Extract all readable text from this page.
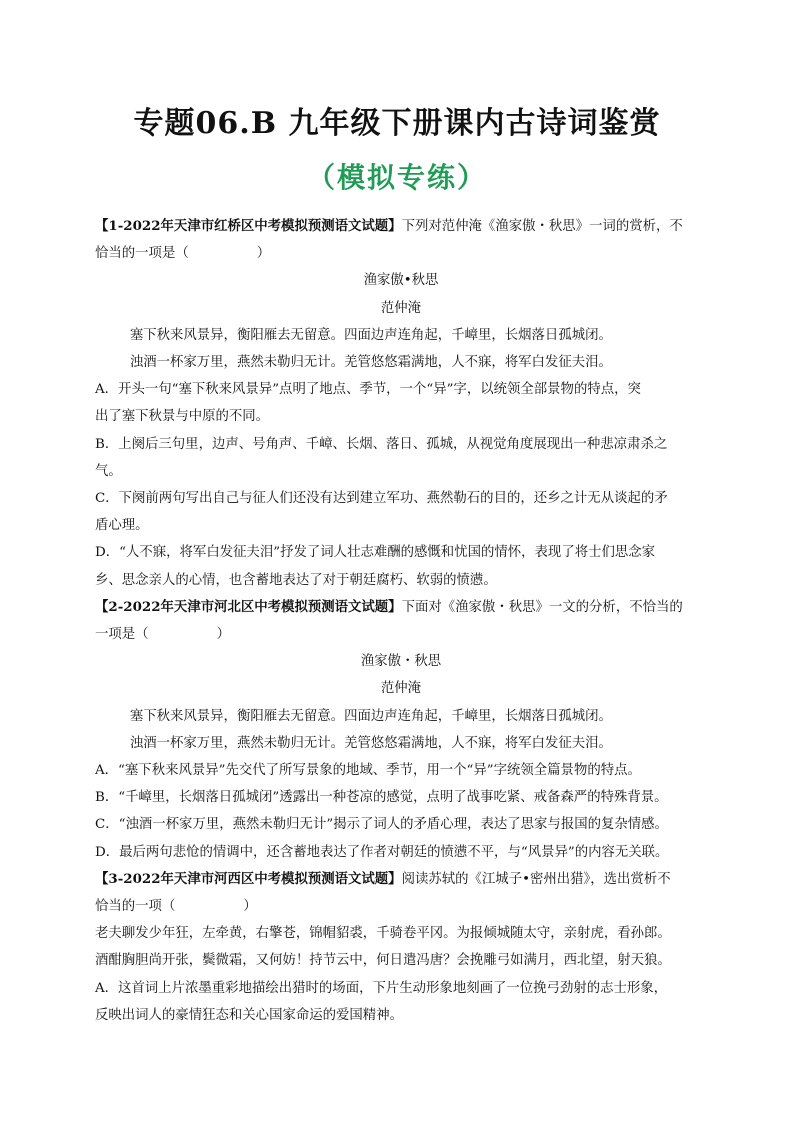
专题06.B 九年级下册课内古诗词鉴赏
（模拟专练）

【1-2022年天津市红桥区中考模拟预测语文试题】下列对范仲淹《渔家傲・秋思》一词的赏析，不

恰当的一项是（	）

渔家傲•秋思

范仲淹

塞下秋来风景异，衡阳雁去无留意。四面边声连角起，千嶂里，长烟落日孤城闭。

浊酒一杯家万里，燕然未勒归无计。羌管悠悠霜满地，人不寐，将军白发征夫泪。

A．开头一句“塞下秋来风景异”点明了地点、季节，一个“异”字，以统领全部景物的特点，突

出了塞下秋景与中原的不同。

B．上阕后三句里，边声、号角声、千嶂、长烟、落日、孤城，从视觉角度展现出一种悲凉肃杀之

气。

C．下阕前两句写出自己与征人们还没有达到建立军功、燕然勒石的目的，还乡之计无从谈起的矛

盾心理。

D．“人不寐，将军白发征夫泪”抒发了词人壮志难酬的感慨和忧国的情怀，表现了将士们思念家

乡、思念亲人的心情，也含蓄地表达了对于朝廷腐朽、软弱的愤懑。

【2-2022年天津市河北区中考模拟预测语文试题】下面对《渔家傲・秋思》一文的分析，不恰当的

一项是（	）

渔家傲・秋思

范仲淹

塞下秋来风景异，衡阳雁去无留意。四面边声连角起，千嶂里，长烟落日孤城闭。

浊酒一杯家万里，燕然未勒归无计。羌管悠悠霜满地，人不寐，将军白发征夫泪。

A．“塞下秋来风景异”先交代了所写景象的地域、季节，用一个“异”字统领全篇景物的特点。

B．“千嶂里，长烟落日孤城闭”透露出一种苍凉的感觉，点明了战事吃紧、戒备森严的特殊背景。

C．“浊酒一杯家万里，燕然未勒归无计”揭示了词人的矛盾心理，表达了思家与报国的复杂情感。

D．最后两句悲怆的情调中，还含蓄地表达了作者对朝廷的愤懑不平，与“风景异”的内容无关联。

【3-2022年天津市河西区中考模拟预测语文试题】阅读苏轼的《江城子•密州出猎》，选出赏析不

恰当的一项（	）

老夫聊发少年狂，左牵黄，右擎苍，锦帽貂裘，千骑卷平冈。为报倾城随太守，亲射虎，看孙郎。

酒酣胸胆尚开张，鬓微霜，又何妨！持节云中，何日遣冯唐？会挽雕弓如满月，西北望，射天狼。

A．这首词上片浓墨重彩地描绘出猎时的场面，下片生动形象地刻画了一位挽弓劲射的志士形象，

反映出词人的豪情狂态和关心国家命运的爱国精神。
